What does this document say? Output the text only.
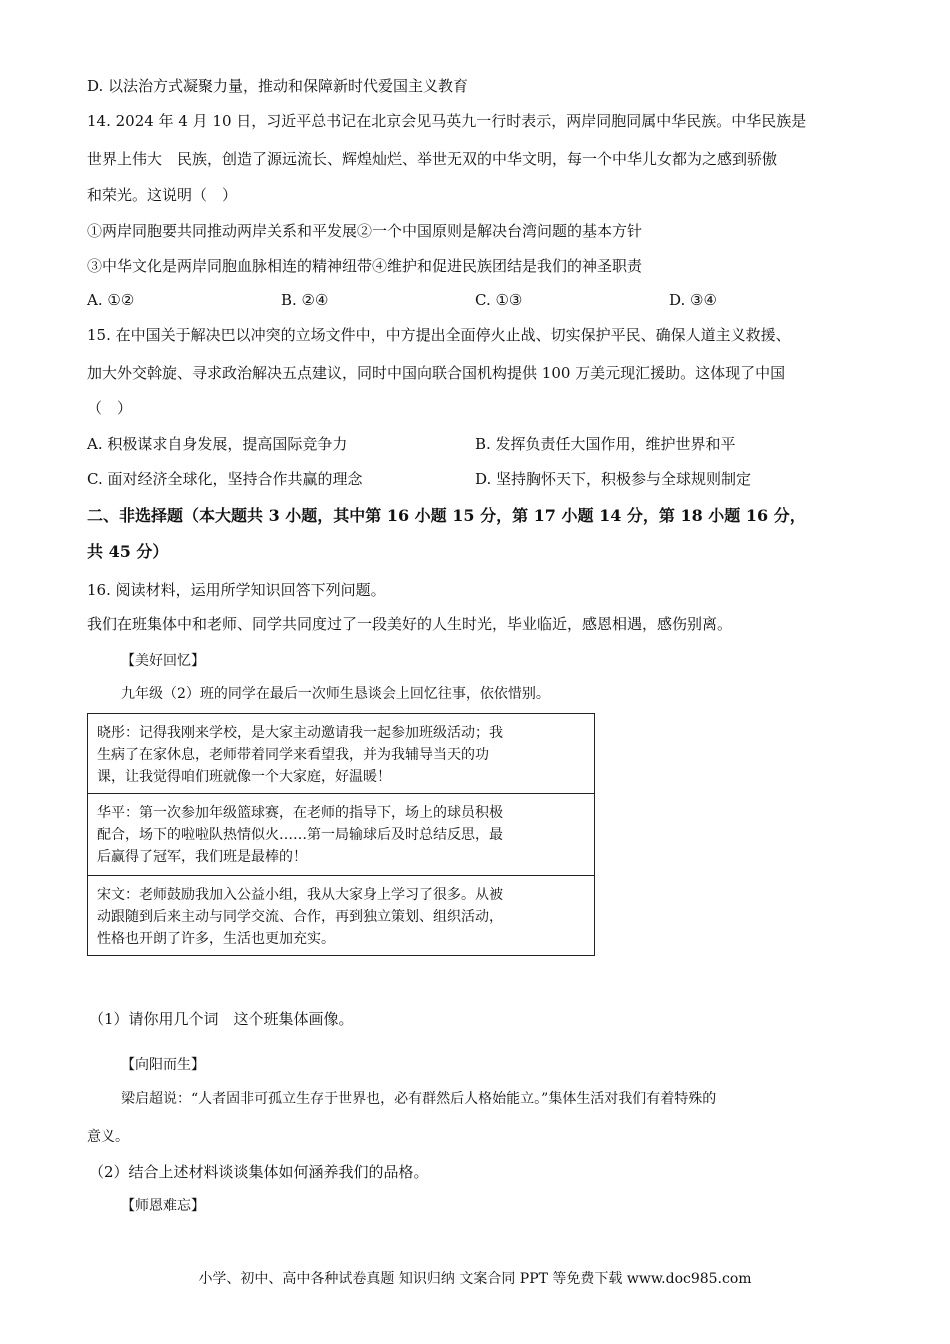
D. 以法治方式凝聚力量，推动和保障新时代爱国主义教育
14. 2024 年 4 月 10 日，习近平总书记在北京会见马英九一行时表示，两岸同胞同属中华民族。中华民族是
世界上伟大　民族，创造了源远流长、辉煌灿烂、举世无双的中华文明，每一个中华儿女都为之感到骄傲
和荣光。这说明（　）
①两岸同胞要共同推动两岸关系和平发展②一个中国原则是解决台湾问题的基本方针
③中华文化是两岸同胞血脉相连的精神纽带④维护和促进民族团结是我们的神圣职责
A. ①②	B. ②④	C. ①③	D. ③④
15. 在中国关于解决巴以冲突的立场文件中，中方提出全面停火止战、切实保护平民、确保人道主义救援、
加大外交斡旋、寻求政治解决五点建议，同时中国向联合国机构提供 100 万美元现汇援助。这体现了中国
（　）
A. 积极谋求自身发展，提高国际竞争力	B. 发挥负责任大国作用，维护世界和平
C. 面对经济全球化，坚持合作共赢的理念	D. 坚持胸怀天下，积极参与全球规则制定
二、非选择题（本大题共 3 小题，其中第 16 小题 15 分，第 17 小题 14 分，第 18 小题 16 分，
共 45 分）
16. 阅读材料，运用所学知识回答下列问题。
我们在班集体中和老师、同学共同度过了一段美好的人生时光，毕业临近，感恩相遇，感伤别离。
【美好回忆】
九年级（2）班的同学在最后一次师生恳谈会上回忆往事，依依惜别。
晓彤：记得我刚来学校，是大家主动邀请我一起参加班级活动；我
生病了在家休息，老师带着同学来看望我，并为我辅导当天的功
课，让我觉得咱们班就像一个大家庭，好温暖！
华平：第一次参加年级篮球赛，在老师的指导下，场上的球员积极
配合，场下的啦啦队热情似火……第一局输球后及时总结反思，最
后赢得了冠军，我们班是最棒的！
宋文：老师鼓励我加入公益小组，我从大家身上学习了很多。从被
动跟随到后来主动与同学交流、合作，再到独立策划、组织活动，
性格也开朗了许多，生活也更加充实。
（1）请你用几个词　这个班集体画像。
【向阳而生】
梁启超说：“人者固非可孤立生存于世界也，必有群然后人格始能立。”集体生活对我们有着特殊的
意义。
（2）结合上述材料谈谈集体如何涵养我们的品格。
【师恩难忘】
小学、初中、高中各种试卷真题 知识归纳 文案合同 PPT 等免费下载 www.doc985.com
